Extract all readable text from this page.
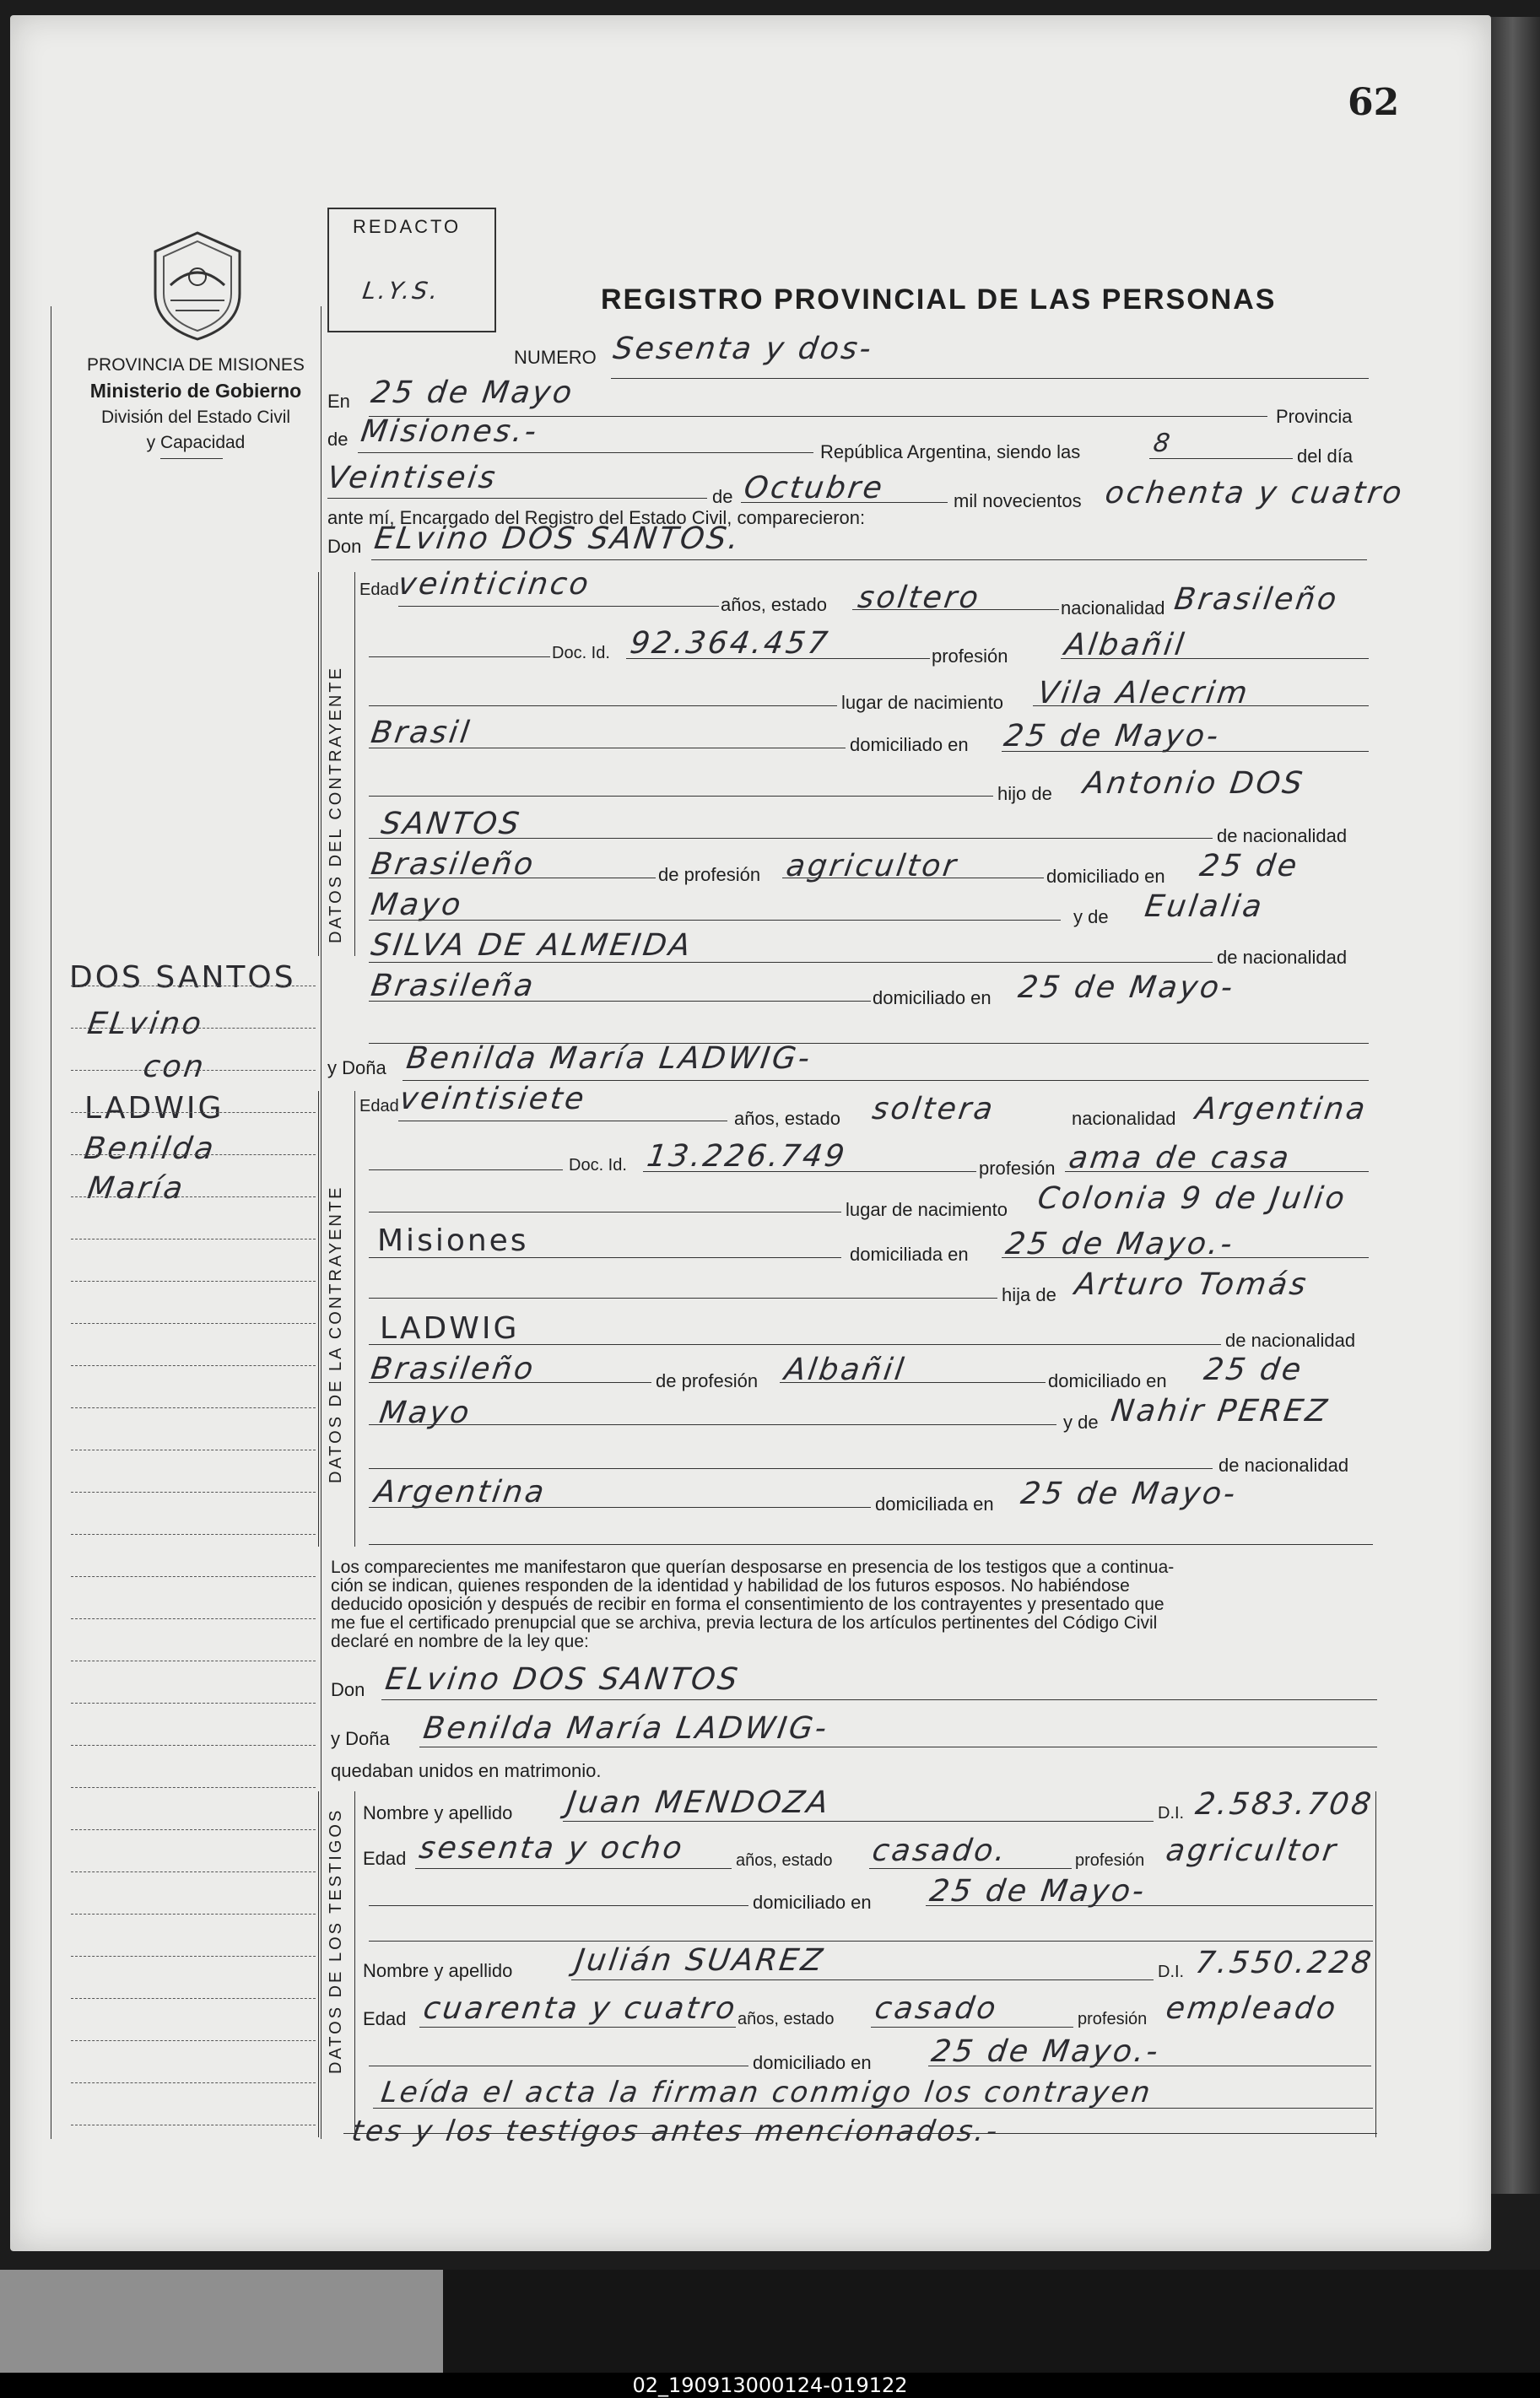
02_190913000124-019122
62
PROVINCIA DE MISIONES
Ministerio de Gobierno
División del Estado Civil
y Capacidad
REDACTO
L.Y.S.	REGISTRO PROVINCIAL DE LAS PERSONAS
NUMERO Sesenta y dos-
En 25 de Mayo
Provincia
de Misiones.-
República Argentina, siendo las	8	del día
Veintiseis
de Octubre	mil novecientos ochenta y cuatro
ante mí, Encargado del Registro del Estado Civil, comparecieron:
Don ELvino DOS SANTOS.
DATOS DEL CONTRAYENTE
Edad
veinticinco
años, estado soltero	nacionalidad Brasileño
Doc. Id. 92.364.457	profesión Albañil
lugar de nacimiento Vila Alecrim
Brasil	domiciliado en 25 de Mayo-
hijo de Antonio DOS
SANTOS	de nacionalidad
Brasileño	de profesión agricultor	domiciliado en 25 de
Mayo	y de Eulalia
SILVA DE ALMEIDA	de nacionalidad
Brasileña	domiciliado en 25 de Mayo-
DOS SANTOS
ELvino
con
LADWIG
Benilda
María
y Doña Benilda María LADWIG-
DATOS DE LA CONTRAYENTE
Edad
veintisiete
años, estado soltera	nacionalidad Argentina
Doc. Id. 13.226.749	profesión ama de casa
lugar de nacimiento Colonia 9 de Julio
Misiones	domiciliada en 25 de Mayo.-
hija de Arturo Tomás
LADWIG	de nacionalidad
Brasileño	de profesión Albañil	domiciliado en 25 de
Mayo	y de Nahir PEREZ
de nacionalidad
Argentina	domiciliada en 25 de Mayo-
Los comparecientes me manifestaron que querían desposarse en presencia de los testigos que a continua-
ción se indican, quienes responden de la identidad y habilidad de los futuros esposos. No habiéndose
deducido oposición y después de recibir en forma el consentimiento de los contrayentes y presentado que
me fue el certificado prenupcial que se archiva, previa lectura de los artículos pertinentes del Código Civil
declaré en nombre de la ley que:
Don ELvino DOS SANTOS
y Doña Benilda María LADWIG-
quedaban unidos en matrimonio.
DATOS DE LOS TESTIGOS Nombre y apellido Juan MENDOZA	D.I. 2.583.708
Edad sesenta y ocho	años, estado casado.	profesión agricultor
domiciliado en 25 de Mayo-
Nombre y apellido Julián SUAREZ	D.I. 7.550.228
Edad cuarenta y cuatro
años, estado casado	profesión empleado
domiciliado en 25 de Mayo.-
Leída el acta la firman conmigo los contrayen
tes y los testigos antes mencionados.-
